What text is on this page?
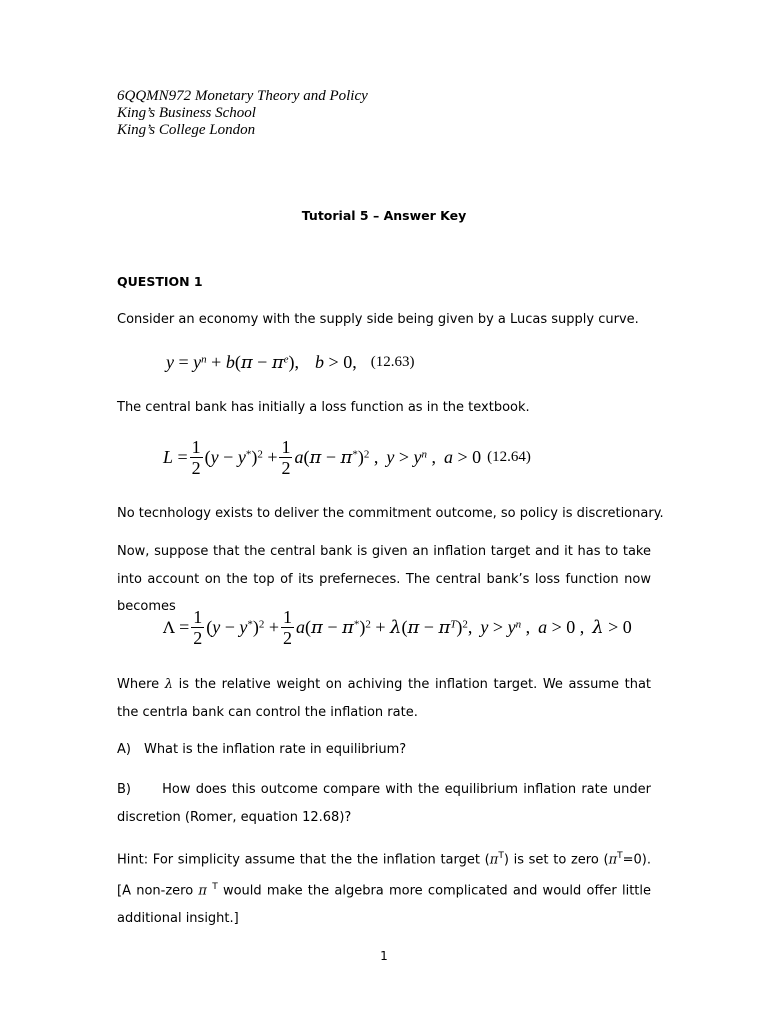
6QQMN972 Monetary Theory and Policy
King’s Business School
King’s College London
Tutorial 5 – Answer Key
QUESTION 1
Consider an economy with the supply side being given by a Lucas supply curve.
$y = y^n + b(\pi - \pi^e)$, b > 0, (12.63)
The central bank has initially a loss function as in the textbook.
$L = \frac{1}{2} (y - y^*)^2 + \frac{1}{2} a(\pi - \pi^*)^2$ , $y > y^n$ , a > 0 (12.64)
No tecnhology exists to deliver the commitment outcome, so policy is discretionary.
Now, suppose that the central bank is given an inflation target and it has to take into account on the top of its preferneces. The central bank’s loss function now becomes
$\Lambda = \frac{1}{2} (y - y^*)^2 + \frac{1}{2} a(\pi - \pi^*)^2 + \lambda(\pi - \pi^T)^2$, $y > y^n$ , a > 0 , λ > 0
Where λ is the relative weight on achiving the inflation target. We assume that the centrla bank can control the inflation rate.
A) What is the inflation rate in equilibrium?
B)      How does this outcome compare with the equilibrium inflation rate under discretion (Romer, equation 12.68)?
Hint: For simplicity assume that the the inflation target $(\pi^T)$ is set to zero $(\pi^T=0)$. [A non-zero π $^T$ would make the algebra more complicated and would offer little additional insight.]
1
